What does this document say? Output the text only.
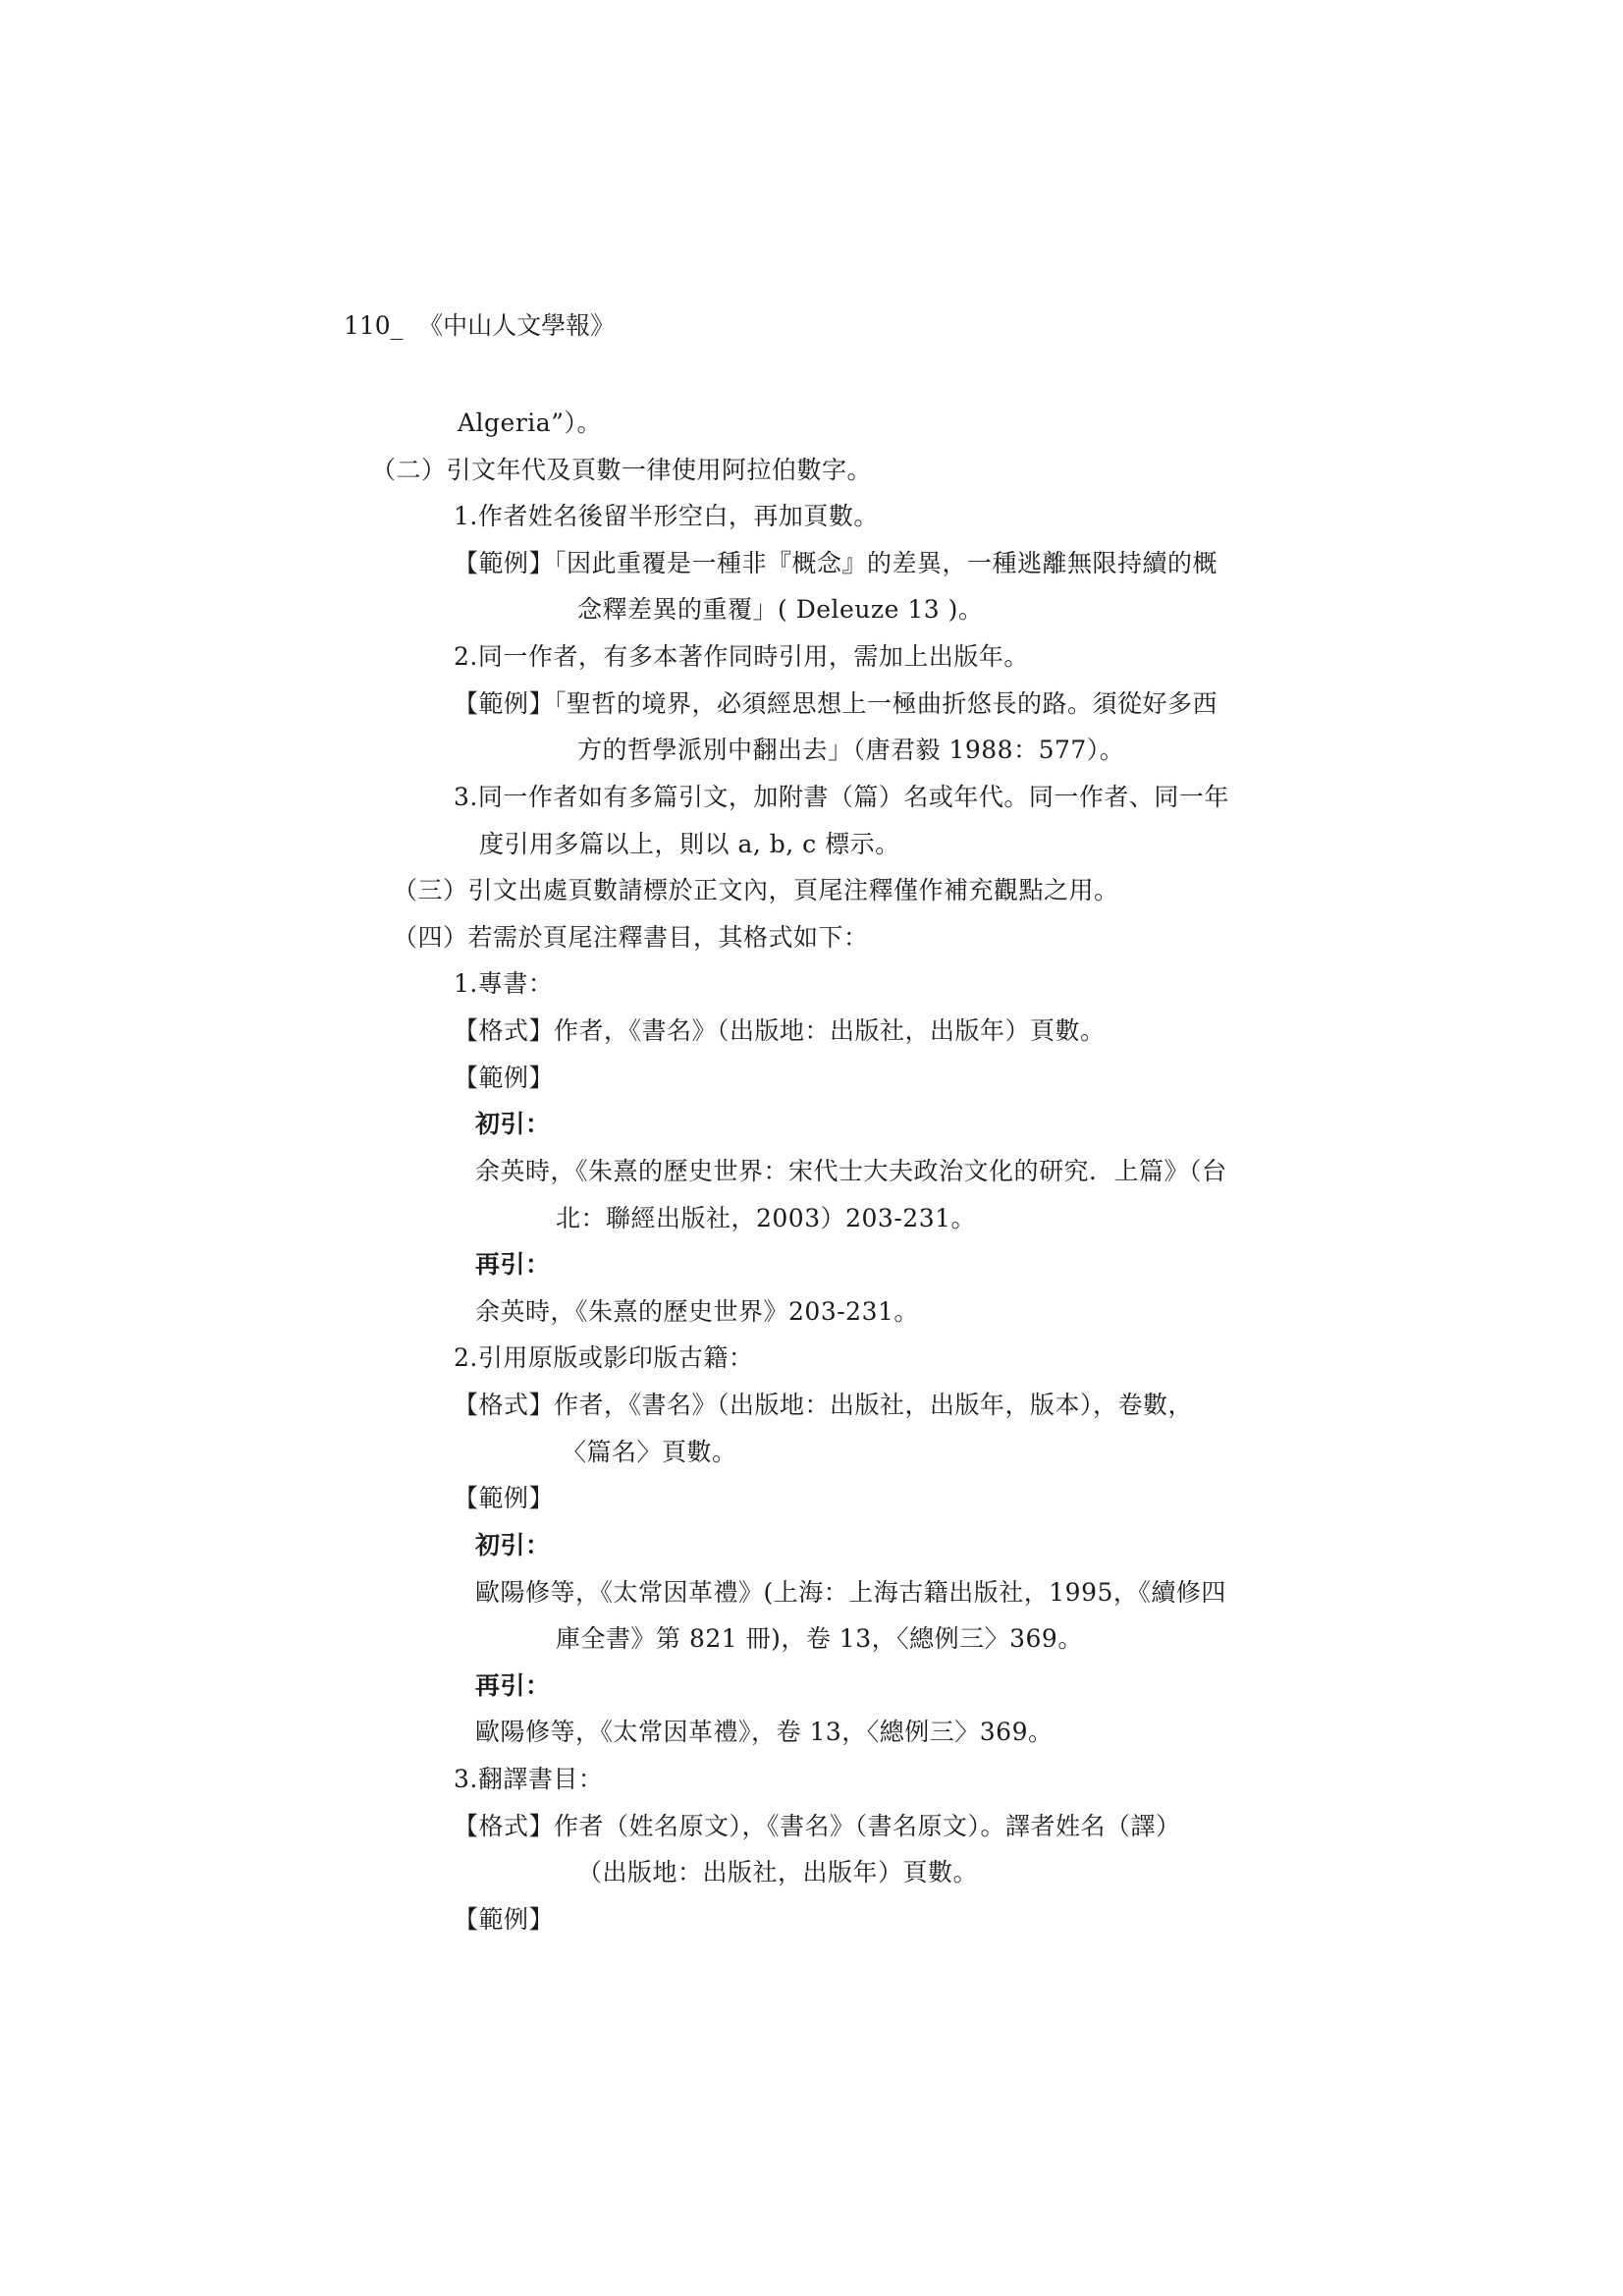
110_  《中山人文學報》
Algeria”）。
（二）引文年代及頁數一律使用阿拉伯數字。
1.作者姓名後留半形空白，再加頁數。
【範例】「因此重覆是一種非『概念』的差異，一種逃離無限持續的概
念釋差異的重覆」( Deleuze 13 )。
2.同一作者，有多本著作同時引用，需加上出版年。
【範例】「聖哲的境界，必須經思想上一極曲折悠長的路。須從好多西
方的哲學派別中翻出去」（唐君毅 1988：577）。
3.同一作者如有多篇引文，加附書（篇）名或年代。同一作者、同一年
度引用多篇以上，則以 a, b, c 標示。
（三）引文出處頁數請標於正文內，頁尾注釋僅作補充觀點之用。
（四）若需於頁尾注釋書目，其格式如下：
1.專書：
【格式】作者，《書名》（出版地：出版社，出版年）頁數。
【範例】
初引：
余英時，《朱熹的歷史世界：宋代士大夫政治文化的研究．上篇》（台
北：聯經出版社，2003）203-231。
再引：
余英時，《朱熹的歷史世界》203-231。
2.引用原版或影印版古籍：
【格式】作者，《書名》（出版地：出版社，出版年，版本），卷數，
〈篇名〉頁數。
【範例】
初引：
歐陽修等，《太常因革禮》(上海：上海古籍出版社，1995，《續修四
庫全書》第 821 冊)，卷 13，〈總例三〉369。
再引：
歐陽修等，《太常因革禮》，卷 13，〈總例三〉369。
3.翻譯書目：
【格式】作者（姓名原文），《書名》（書名原文）。譯者姓名（譯）
（出版地：出版社，出版年）頁數。
【範例】
